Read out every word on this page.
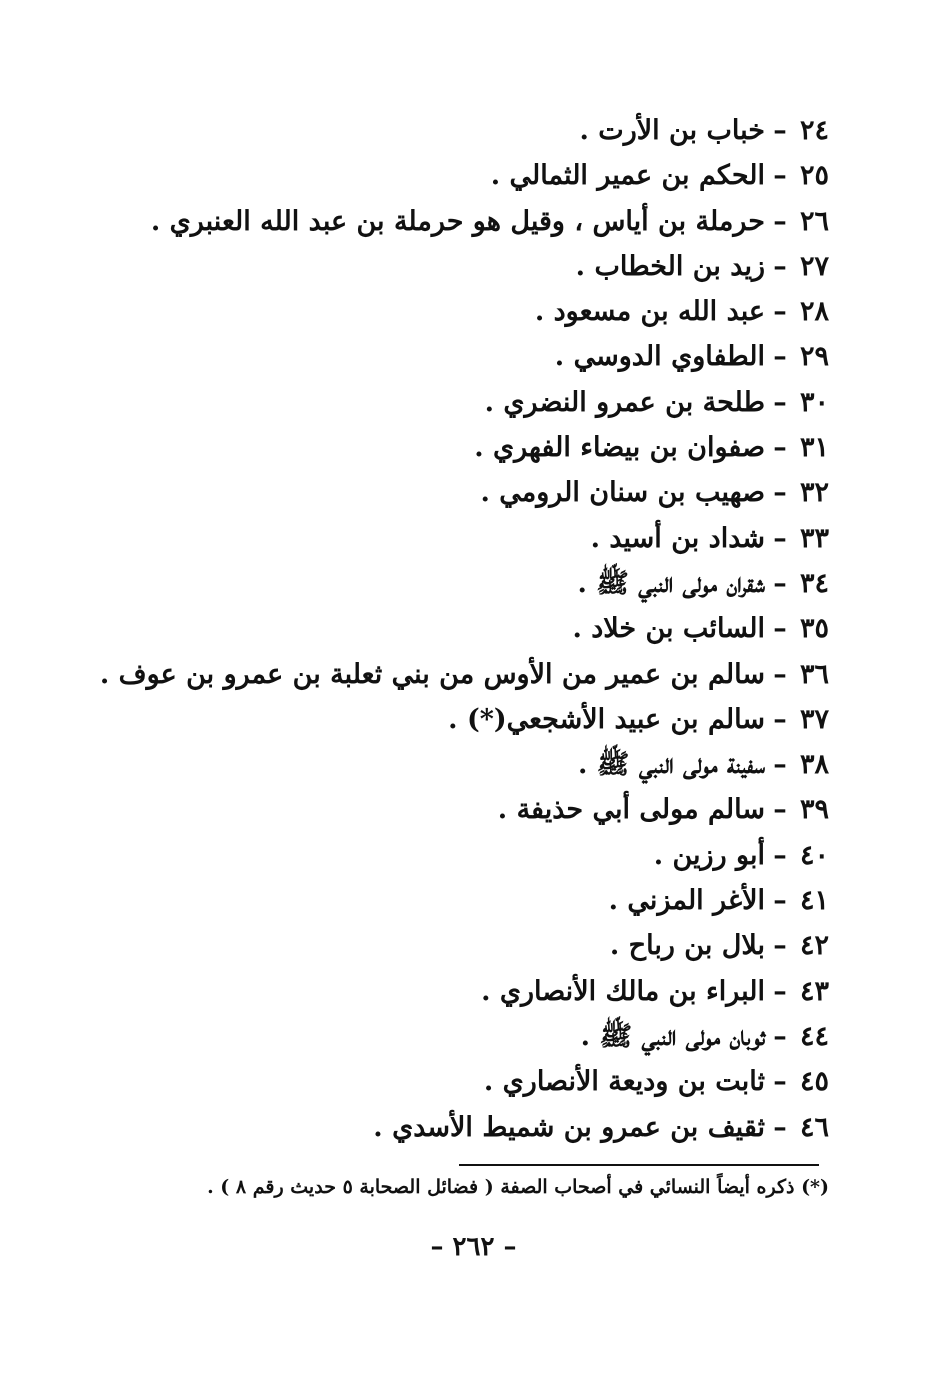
٢٤–خباب بن الأرت .
٢٥–الحكم بن عمير الثمالي .
٢٦–حرملة بن أياس ، وقيل هو حرملة بن عبد الله العنبري .
٢٧–زيد بن الخطاب .
٢٨–عبد الله بن مسعود .
٢٩–الطفاوي الدوسي .
٣٠–طلحة بن عمرو النضري .
٣١–صفوان بن بيضاء الفهري .
٣٢–صهيب بن سنان الرومي .
٣٣–شداد بن أسيد .
٣٤–شقران مولى النبي ﷺ .
٣٥–السائب بن خلاد .
٣٦–سالم بن عمير من الأوس من بني ثعلبة بن عمرو بن عوف .
٣٧–سالم بن عبيد الأشجعي(*) .
٣٨–سفينة مولى النبي ﷺ .
٣٩–سالم مولى أبي حذيفة .
٤٠–أبو رزين .
٤١–الأغر المزني .
٤٢–بلال بن رباح .
٤٣–البراء بن مالك الأنصاري .
٤٤–ثوبان مولى النبي ﷺ .
٤٥–ثابت بن وديعة الأنصاري .
٤٦–ثقيف بن عمرو بن شميط الأسدي .
(*) ذكره أيضاً النسائي في أصحاب الصفة ( فضائل الصحابة ٥ حديث رقم ٨ ) .
– ٢٦٢ –
